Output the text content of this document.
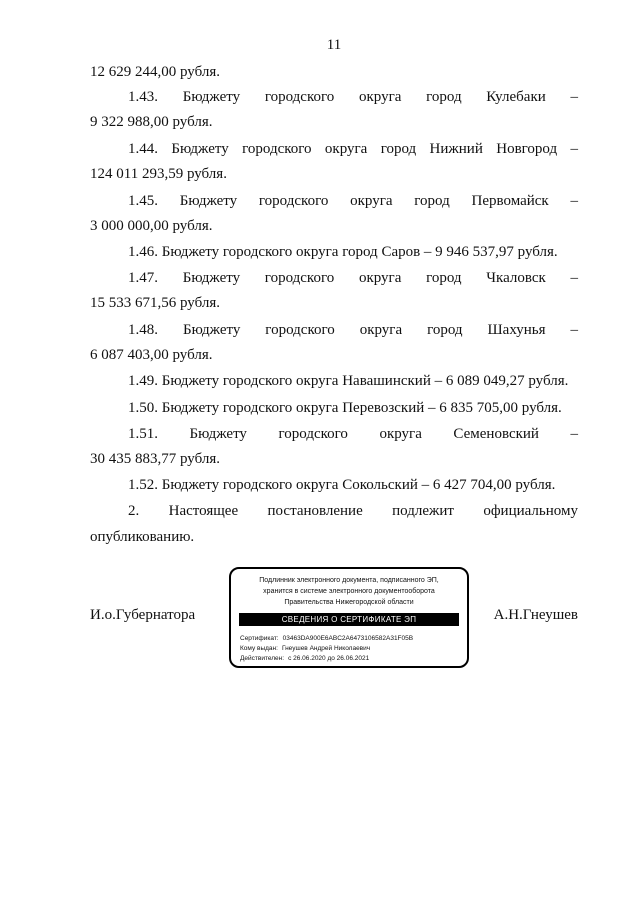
11
12 629 244,00 рубля.
1.43. Бюджету городского округа город Кулебаки –
9 322 988,00 рубля.
1.44. Бюджету городского округа город Нижний Новгород –
124 011 293,59 рубля.
1.45. Бюджету городского округа город Первомайск –
3 000 000,00 рубля.
1.46. Бюджету городского округа город Саров – 9 946 537,97 рубля.
1.47. Бюджету городского округа город Чкаловск –
15 533 671,56 рубля.
1.48. Бюджету городского округа город Шахунья –
6 087 403,00 рубля.
1.49. Бюджету городского округа Навашинский – 6 089 049,27 рубля.
1.50. Бюджету городского округа Перевозский – 6 835 705,00 рубля.
1.51. Бюджету городского округа Семеновский –
30 435 883,77 рубля.
1.52. Бюджету городского округа Сокольский – 6 427 704,00 рубля.
2. Настоящее постановление подлежит официальному
опубликованию.
И.о.Губернатора	А.Н.Гнеушев
Подлинник электронного документа, подписанного ЭП,
хранится в системе электронного документооборота
Правительства Нижегородской области
СВЕДЕНИЯ О СЕРТИФИКАТЕ ЭП
Сертификат: 03463DA900E6ABC2A6473106582A31F05B
Кому выдан: Гнеушев Андрей Николаевич
Действителен: с 26.06.2020 до 26.06.2021
